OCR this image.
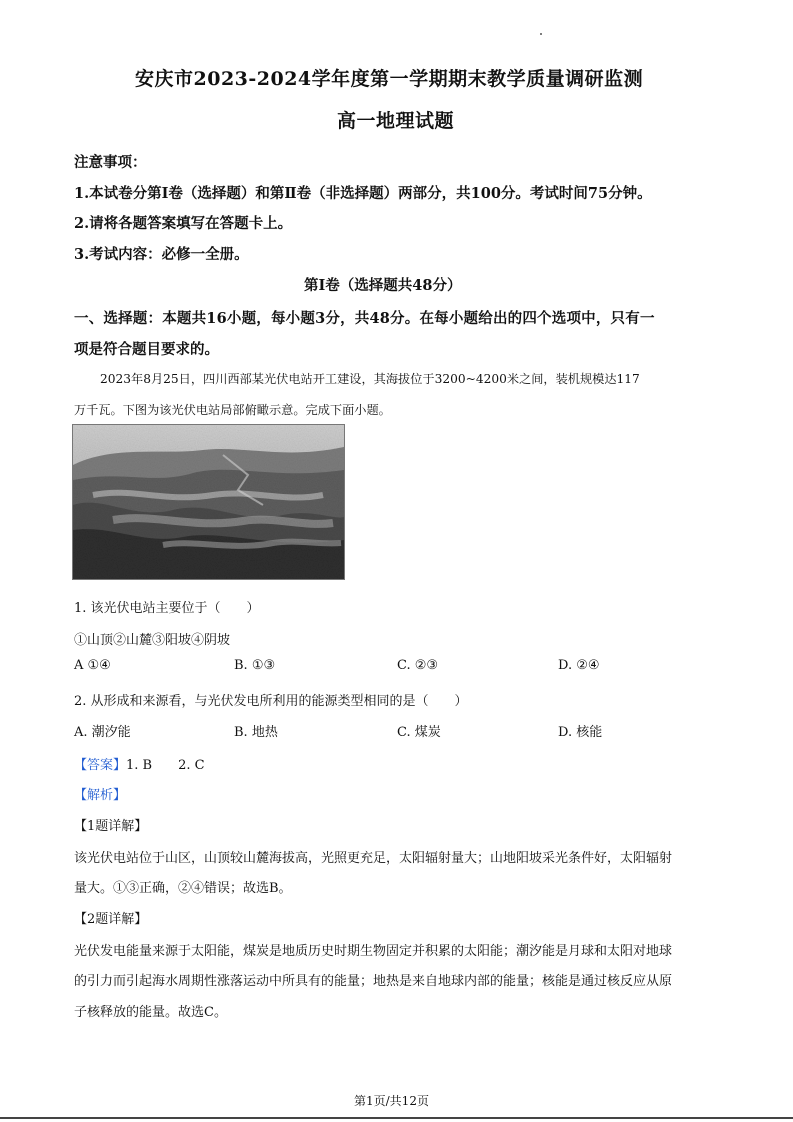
安庆市2023-2024学年度第一学期期末教学质量调研监测
高一地理试题
注意事项：
1.本试卷分第Ⅰ卷（选择题）和第Ⅱ卷（非选择题）两部分，共100分。考试时间75分钟。
2.请将各题答案填写在答题卡上。
3.考试内容：必修一全册。
第Ⅰ卷（选择题共48分）
一、选择题：本题共16小题，每小题3分，共48分。在每小题给出的四个选项中，只有一
项是符合题目要求的。
2023年8月25日，四川西部某光伏电站开工建设，其海拔位于3200~4200米之间，装机规模达117
万千瓦。下图为该光伏电站局部俯瞰示意。完成下面小题。
1. 该光伏电站主要位于（　　）
①山顶②山麓③阳坡④阴坡
A ①④	B. ①③	C. ②③	D. ②④
2. 从形成和来源看，与光伏发电所利用的能源类型相同的是（　　）
A. 潮汐能	B. 地热	C. 煤炭	D. 核能
【答案】1. B　　2. C
【解析】
【1题详解】
该光伏电站位于山区，山顶较山麓海拔高，光照更充足，太阳辐射量大；山地阳坡采光条件好，太阳辐射
量大。①③正确，②④错误；故选B。
【2题详解】
光伏发电能量来源于太阳能，煤炭是地质历史时期生物固定并积累的太阳能；潮汐能是月球和太阳对地球
的引力而引起海水周期性涨落运动中所具有的能量；地热是来自地球内部的能量；核能是通过核反应从原
子核释放的能量。故选C。
第1页/共12页
